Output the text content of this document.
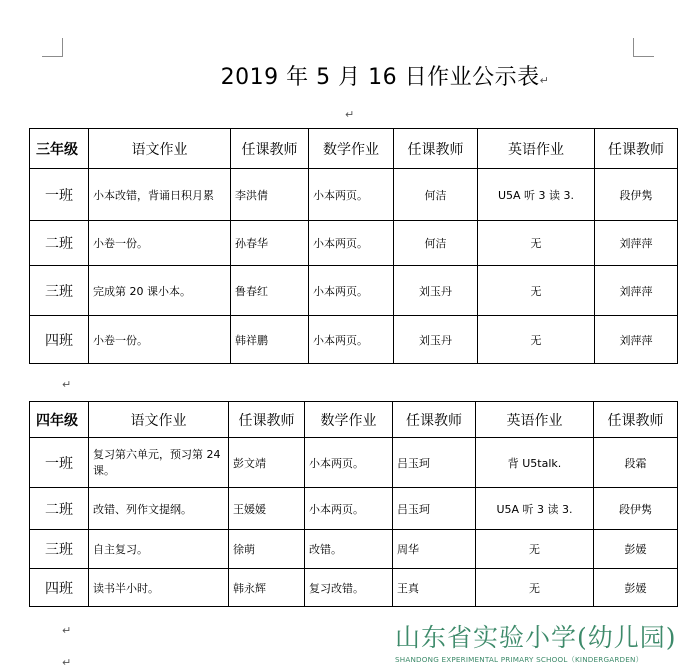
2019 年 5 月 16 日作业公示表↵
↵
三年级	语文作业	任课教师	数学作业	任课教师	英语作业	任课教师
一班	小本改错，背诵日积月累	李洪倩	小本两页。	何洁	U5A 听 3 读 3.	段伊隽
二班	小卷一份。	孙春华	小本两页。	何洁	无	刘萍萍
三班	完成第 20 课小本。	鲁春红	小本两页。	刘玉丹	无	刘萍萍
四班	小卷一份。	韩祥鹏	小本两页。	刘玉丹	无	刘萍萍
↵
四年级	语文作业	任课教师	数学作业	任课教师	英语作业	任课教师
一班	复习第六单元，预习第 24 课。	彭文靖	小本两页。	吕玉珂	背 U5talk.	段霜
二班	改错、列作文提纲。	王媛媛	小本两页。	吕玉珂	U5A 听 3 读 3.	段伊隽
三班	自主复习。	徐萌	改错。	周华	无	彭媛
四班	读书半小时。	韩永辉	复习改错。	王真	无	彭媛
↵
↵
山东省实验小学(幼儿园)
SHANDONG EXPERIMENTAL PRIMARY SCHOOL（KINDERGARDEN）
